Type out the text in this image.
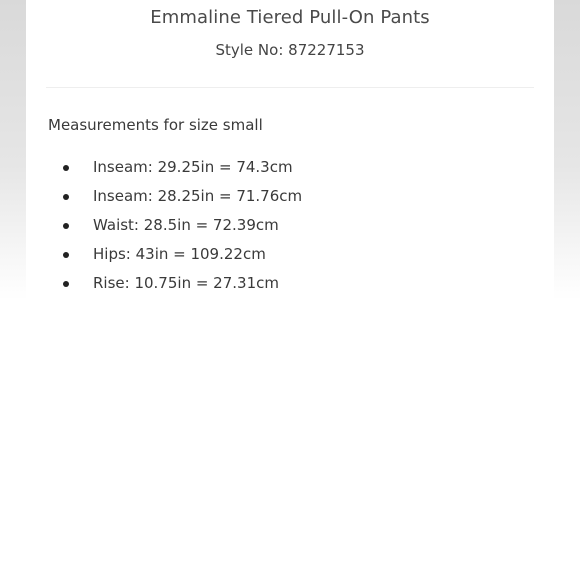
Emmaline Tiered Pull-On Pants
Style No: 87227153
Measurements for size small
Inseam: 29.25in = 74.3cm
Inseam: 28.25in = 71.76cm
Waist: 28.5in = 72.39cm
Hips: 43in = 109.22cm
Rise: 10.75in = 27.31cm
